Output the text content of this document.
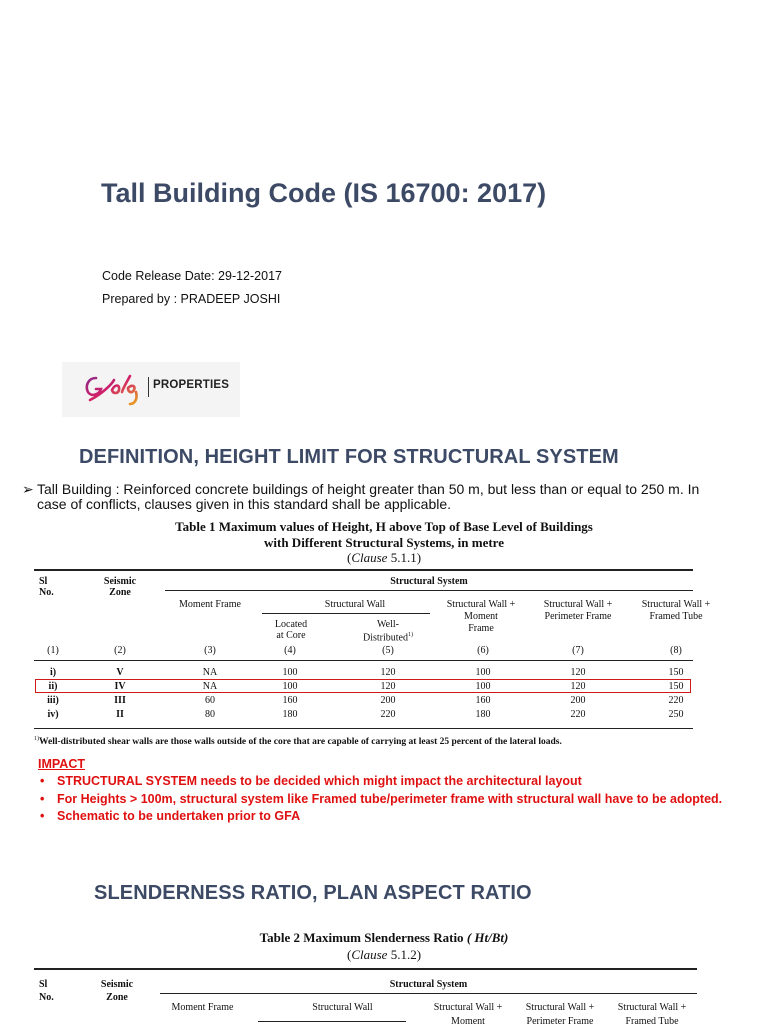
Tall Building Code (IS 16700: 2017)
Code Release Date: 29-12-2017
Prepared by : PRADEEP JOSHI
PROPERTIES
DEFINITION, HEIGHT LIMIT FOR STRUCTURAL SYSTEM
➢ Tall Building : Reinforced concrete buildings of height greater than 50 m, but less than or equal to 250 m. In case of conflicts, clauses given in this standard shall be applicable.
Table 1 Maximum values of Height, H above Top of Base Level of Buildings
with Different Structural Systems, in metre
(Clause 5.1.1)
Sl
No.
Seismic
Zone
Structural System
Moment Frame	Structural Wall
Located
at Core
Well-
Distributed$^{1)}$
Structural Wall +
Moment
Frame
Structural Wall +
Perimeter Frame
Structural Wall +
Framed Tube
(1)	(2)	(3)	(4)	(5)	(6)	(7)	(8)
i)	V	NA	100	120	100	120	150
ii)	IV	NA	100	120	100	120	150
iii)	III	60	160	200	160	200	220
iv)	II	80	180	220	180	220	250
$^{1)}$Well-distributed shear walls are those walls outside of the core that are capable of carrying at least 25 percent of the lateral loads.
IMPACT
• STRUCTURAL SYSTEM needs to be decided which might impact the architectural layout
• For Heights > 100m, structural system like Framed tube/perimeter frame with structural wall have to be adopted.
• Schematic to be undertaken prior to GFA
SLENDERNESS RATIO, PLAN ASPECT RATIO
Table 2 Maximum Slenderness Ratio ( Ht/Bt)
(Clause 5.1.2)
Sl
No.
Seismic
Zone
Structural System
Moment Frame	Structural Wall	Structural Wall +
Moment
Structural Wall +
Perimeter Frame
Structural Wall +
Framed Tube
